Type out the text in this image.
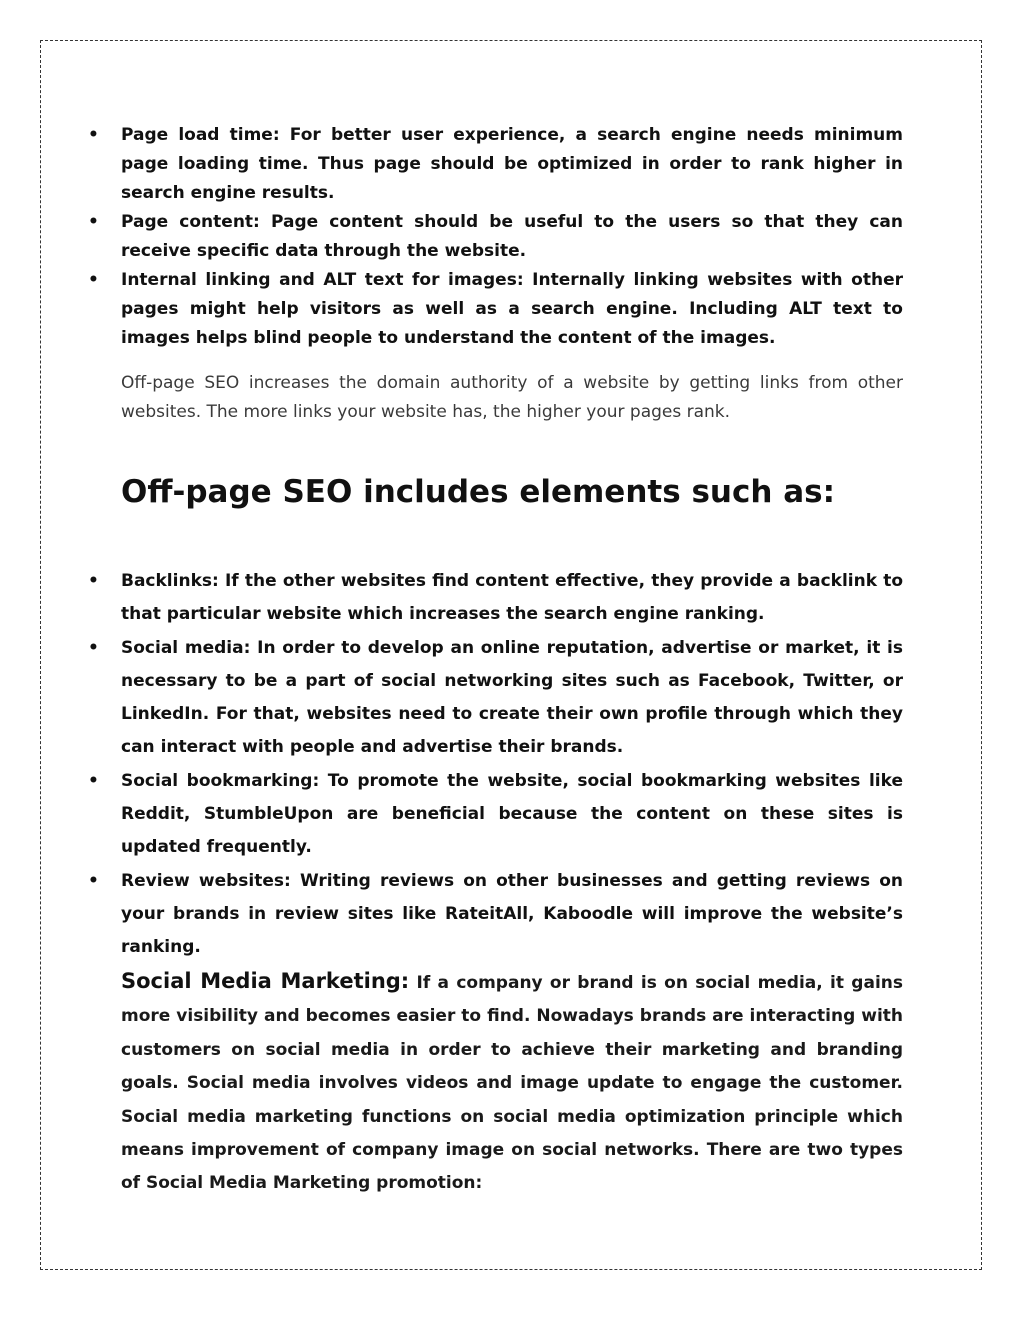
• Page load time: For better user experience, a search engine needs minimum page loading time. Thus page should be optimized in order to rank higher in search engine results.
• Page content: Page content should be useful to the users so that they can receive specific data through the website.
• Internal linking and ALT text for images: Internally linking websites with other pages might help visitors as well as a search engine. Including ALT text to images helps blind people to understand the content of the images.

Off-page SEO increases the domain authority of a website by getting links from other websites. The more links your website has, the higher your pages rank.

Off-page SEO includes elements such as:
• Backlinks: If the other websites find content effective, they provide a backlink to that particular website which increases the search engine ranking.
• Social media: In order to develop an online reputation, advertise or market, it is necessary to be a part of social networking sites such as Facebook, Twitter, or LinkedIn. For that, websites need to create their own profile through which they can interact with people and advertise their brands.
• Social bookmarking: To promote the website, social bookmarking websites like Reddit, StumbleUpon are beneficial because the content on these sites is updated frequently.
• Review websites: Writing reviews on other businesses and getting reviews on your brands in review sites like RateitAll, Kaboodle will improve the website’s ranking.

Social Media Marketing: If a company or brand is on social media, it gains more visibility and becomes easier to find. Nowadays brands are interacting with customers on social media in order to achieve their marketing and branding goals. Social media involves videos and image update to engage the customer. Social media marketing functions on social media optimization principle which means improvement of company image on social networks. There are two types of Social Media Marketing promotion:
